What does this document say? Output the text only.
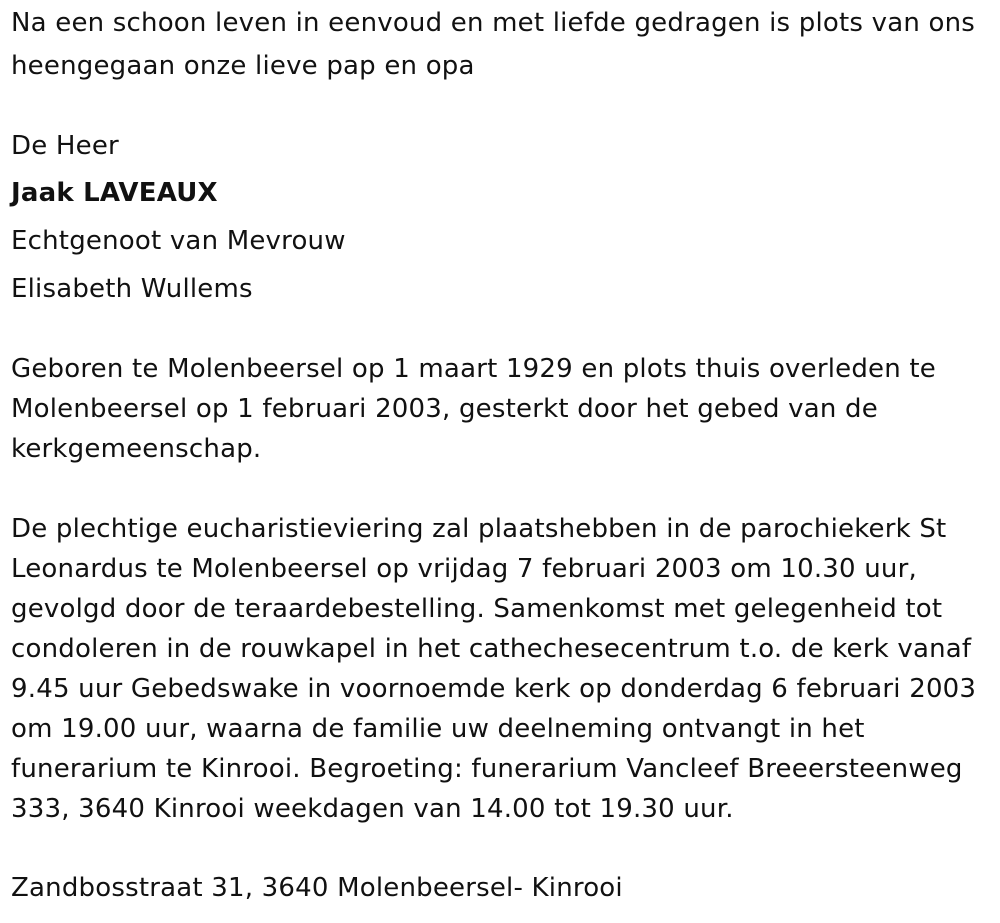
Na een schoon leven in eenvoud en met liefde gedragen is plots van ons
heengegaan onze lieve pap en opa
De Heer
Jaak LAVEAUX
Echtgenoot van Mevrouw
Elisabeth Wullems
Geboren te Molenbeersel op 1 maart 1929 en plots thuis overleden te
Molenbeersel op 1 februari 2003, gesterkt door het gebed van de
kerkgemeenschap.
De plechtige eucharistieviering zal plaatshebben in de parochiekerk St
Leonardus te Molenbeersel op vrijdag 7 februari 2003 om 10.30 uur,
gevolgd door de teraardebestelling. Samenkomst met gelegenheid tot
condoleren in de rouwkapel in het cathechesecentrum t.o. de kerk vanaf
9.45 uur Gebedswake in voornoemde kerk op donderdag 6 februari 2003
om 19.00 uur, waarna de familie uw deelneming ontvangt in het
funerarium te Kinrooi. Begroeting: funerarium Vancleef Breeersteenweg
333, 3640 Kinrooi weekdagen van 14.00 tot 19.30 uur.
Zandbosstraat 31, 3640 Molenbeersel- Kinrooi
